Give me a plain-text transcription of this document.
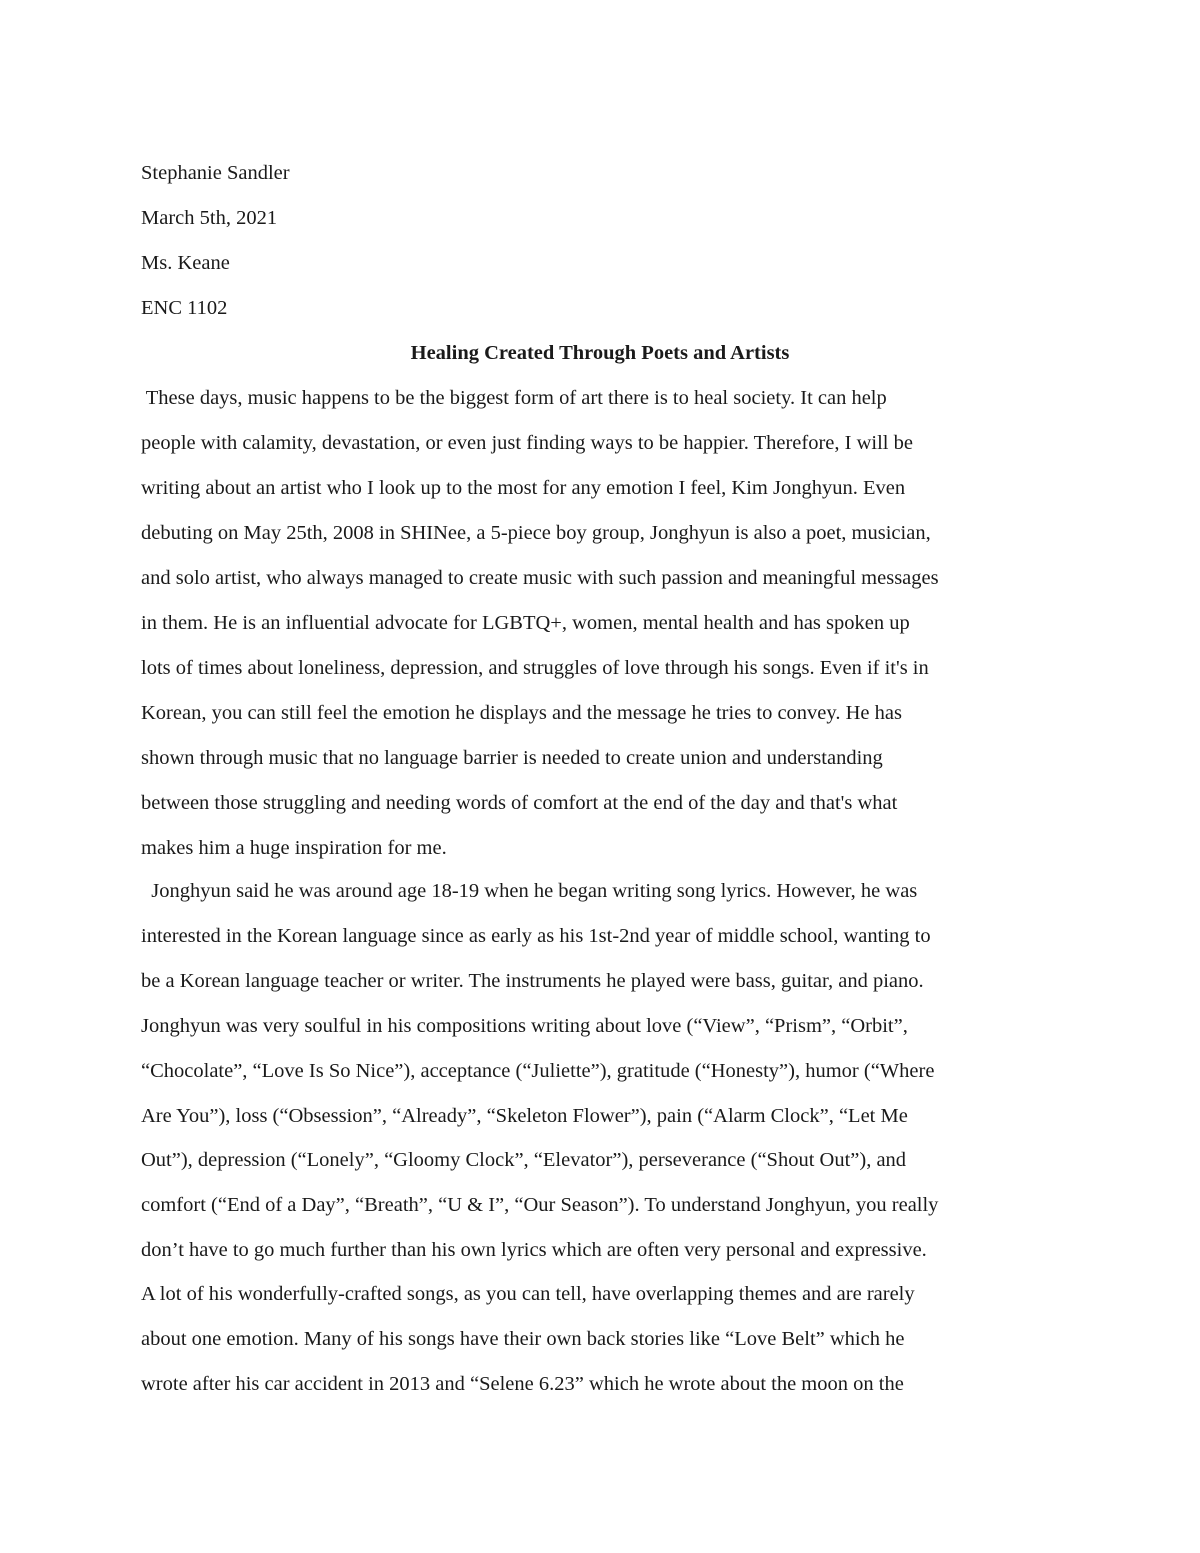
Stephanie Sandler
March 5th, 2021
Ms. Keane
ENC 1102
Healing Created Through Poets and Artists
These days, music happens to be the biggest form of art there is to heal society. It can help
people with calamity, devastation, or even just finding ways to be happier. Therefore, I will be
writing about an artist who I look up to the most for any emotion I feel, Kim Jonghyun. Even
debuting on May 25th, 2008 in SHINee, a 5-piece boy group, Jonghyun is also a poet, musician,
and solo artist, who always managed to create music with such passion and meaningful messages
in them. He is an influential advocate for LGBTQ+, women, mental health and has spoken up
lots of times about loneliness, depression, and struggles of love through his songs. Even if it's in
Korean, you can still feel the emotion he displays and the message he tries to convey. He has
shown through music that no language barrier is needed to create union and understanding
between those struggling and needing words of comfort at the end of the day and that's what
makes him a huge inspiration for me.
Jonghyun said he was around age 18-19 when he began writing song lyrics. However, he was
interested in the Korean language since as early as his 1st-2nd year of middle school, wanting to
be a Korean language teacher or writer. The instruments he played were bass, guitar, and piano.
Jonghyun was very soulful in his compositions writing about love (“View”, “Prism”, “Orbit”,
“Chocolate”, “Love Is So Nice”), acceptance (“Juliette”), gratitude (“Honesty”), humor (“Where
Are You”), loss (“Obsession”, “Already”, “Skeleton Flower”), pain (“Alarm Clock”, “Let Me
Out”), depression (“Lonely”, “Gloomy Clock”, “Elevator”), perseverance (“Shout Out”), and
comfort (“End of a Day”, “Breath”, “U & I”, “Our Season”). To understand Jonghyun, you really
don’t have to go much further than his own lyrics which are often very personal and expressive.
A lot of his wonderfully-crafted songs, as you can tell, have overlapping themes and are rarely
about one emotion. Many of his songs have their own back stories like “Love Belt” which he
wrote after his car accident in 2013 and “Selene 6.23” which he wrote about the moon on the
